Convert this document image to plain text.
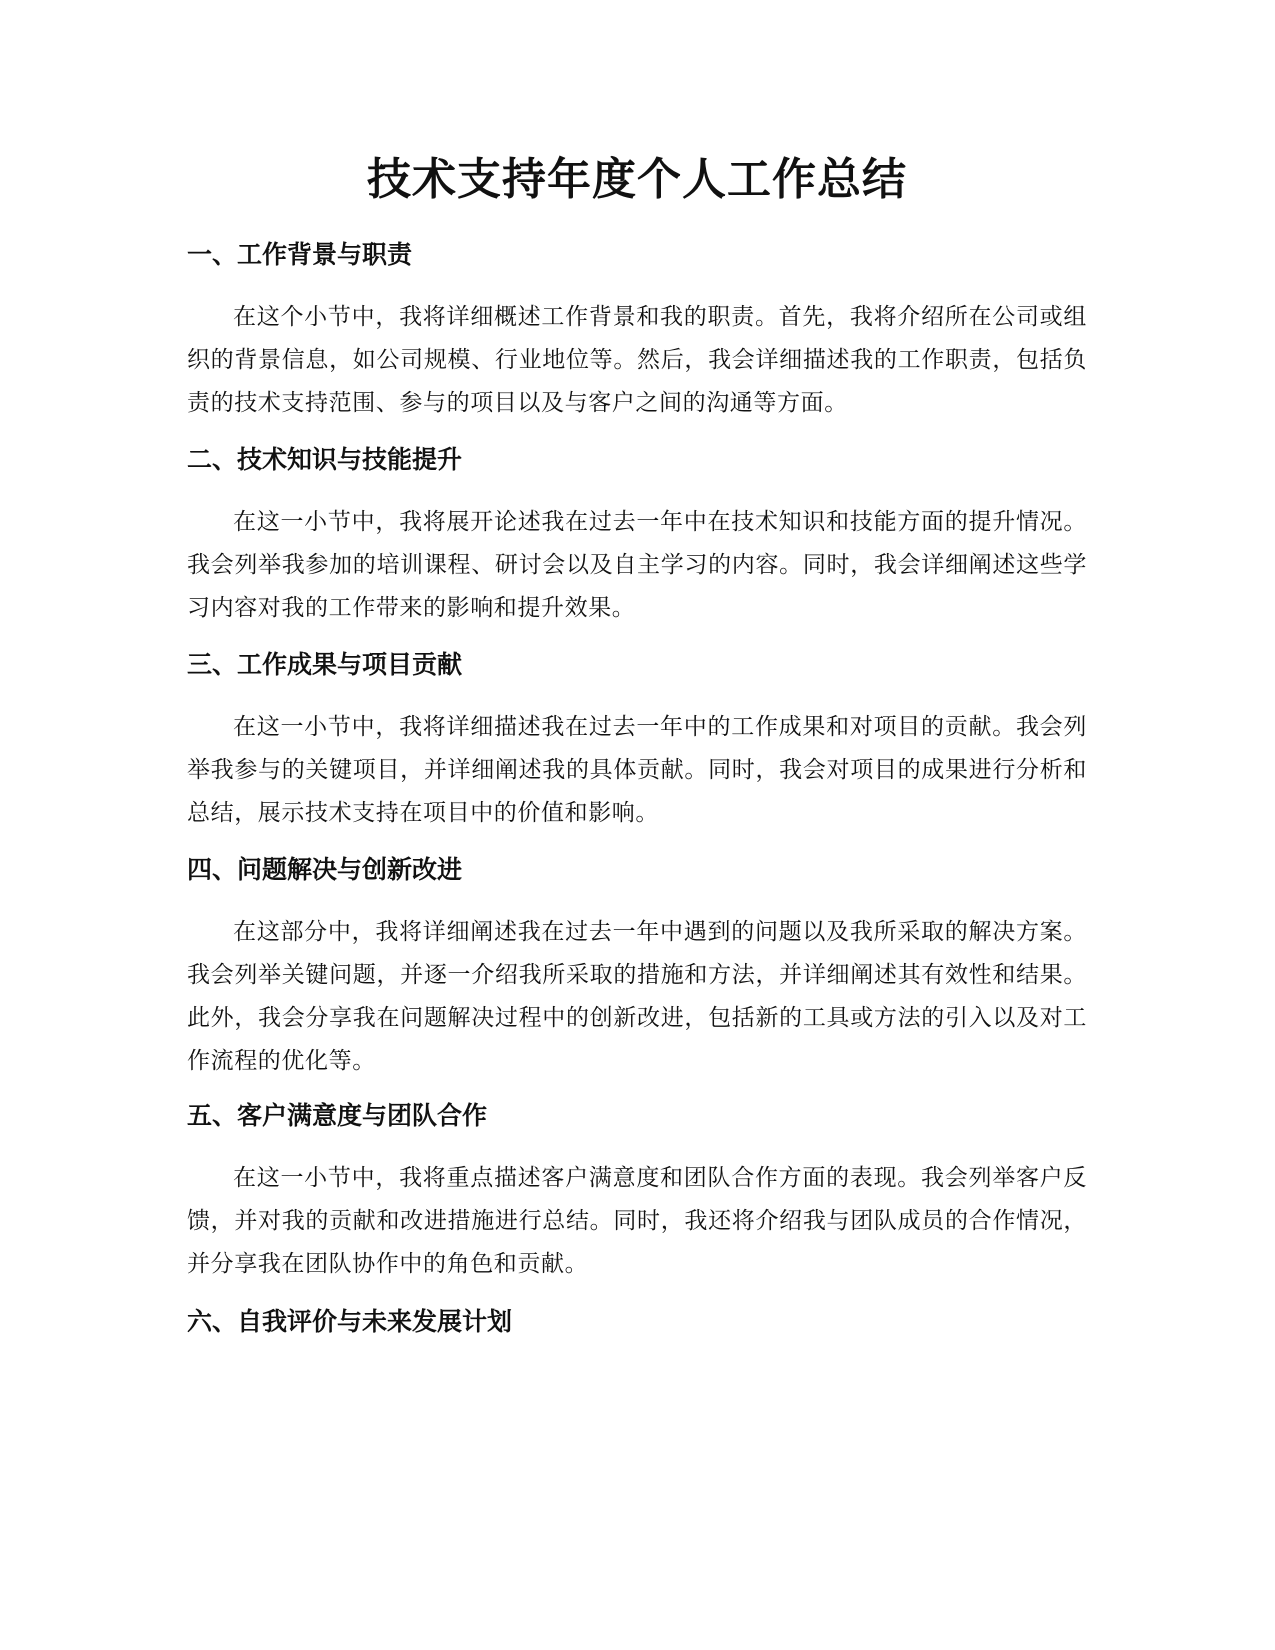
技术支持年度个人工作总结
一、工作背景与职责

在这个小节中，我将详细概述工作背景和我的职责。首先，我将介绍所在公司或组织的背景信息，如公司规模、行业地位等。然后，我会详细描述我的工作职责，包括负责的技术支持范围、参与的项目以及与客户之间的沟通等方面。

二、技术知识与技能提升

在这一小节中，我将展开论述我在过去一年中在技术知识和技能方面的提升情况。我会列举我参加的培训课程、研讨会以及自主学习的内容。同时，我会详细阐述这些学习内容对我的工作带来的影响和提升效果。

三、工作成果与项目贡献

在这一小节中，我将详细描述我在过去一年中的工作成果和对项目的贡献。我会列举我参与的关键项目，并详细阐述我的具体贡献。同时，我会对项目的成果进行分析和总结，展示技术支持在项目中的价值和影响。

四、问题解决与创新改进

在这部分中，我将详细阐述我在过去一年中遇到的问题以及我所采取的解决方案。我会列举关键问题，并逐一介绍我所采取的措施和方法，并详细阐述其有效性和结果。此外，我会分享我在问题解决过程中的创新改进，包括新的工具或方法的引入以及对工作流程的优化等。

五、客户满意度与团队合作

在这一小节中，我将重点描述客户满意度和团队合作方面的表现。我会列举客户反馈，并对我的贡献和改进措施进行总结。同时，我还将介绍我与团队成员的合作情况，并分享我在团队协作中的角色和贡献。

六、自我评价与未来发展计划
